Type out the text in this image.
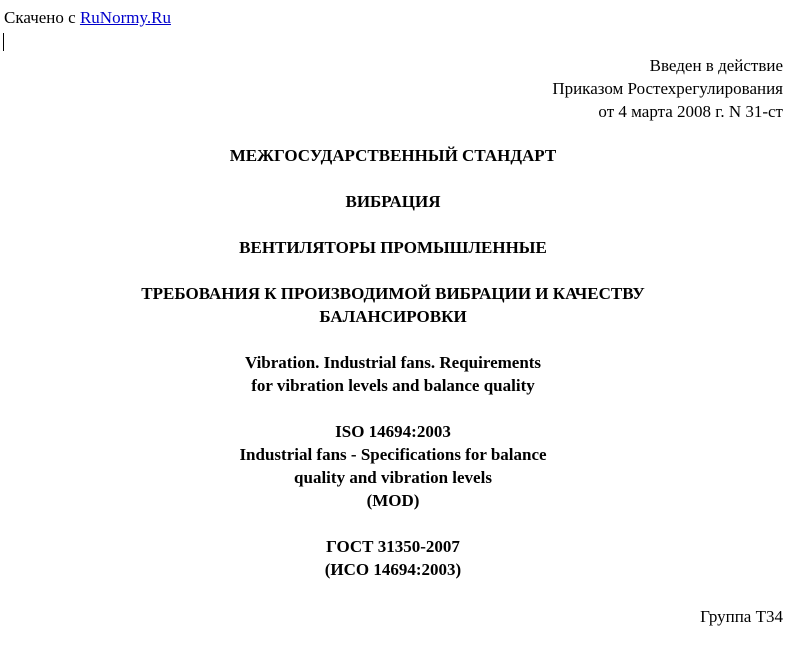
Скачено с RuNormy.Ru
Введен в действие
Приказом Ростехрегулирования
от 4 марта 2008 г. N 31-ст
МЕЖГОСУДАРСТВЕННЫЙ СТАНДАРТ
ВИБРАЦИЯ
ВЕНТИЛЯТОРЫ ПРОМЫШЛЕННЫЕ
ТРЕБОВАНИЯ К ПРОИЗВОДИМОЙ ВИБРАЦИИ И КАЧЕСТВУ
БАЛАНСИРОВКИ
Vibration. Industrial fans. Requirements
for vibration levels and balance quality
ISO 14694:2003
Industrial fans - Specifications for balance
quality and vibration levels
(MOD)
ГОСТ 31350-2007
(ИСО 14694:2003)
Группа Т34
